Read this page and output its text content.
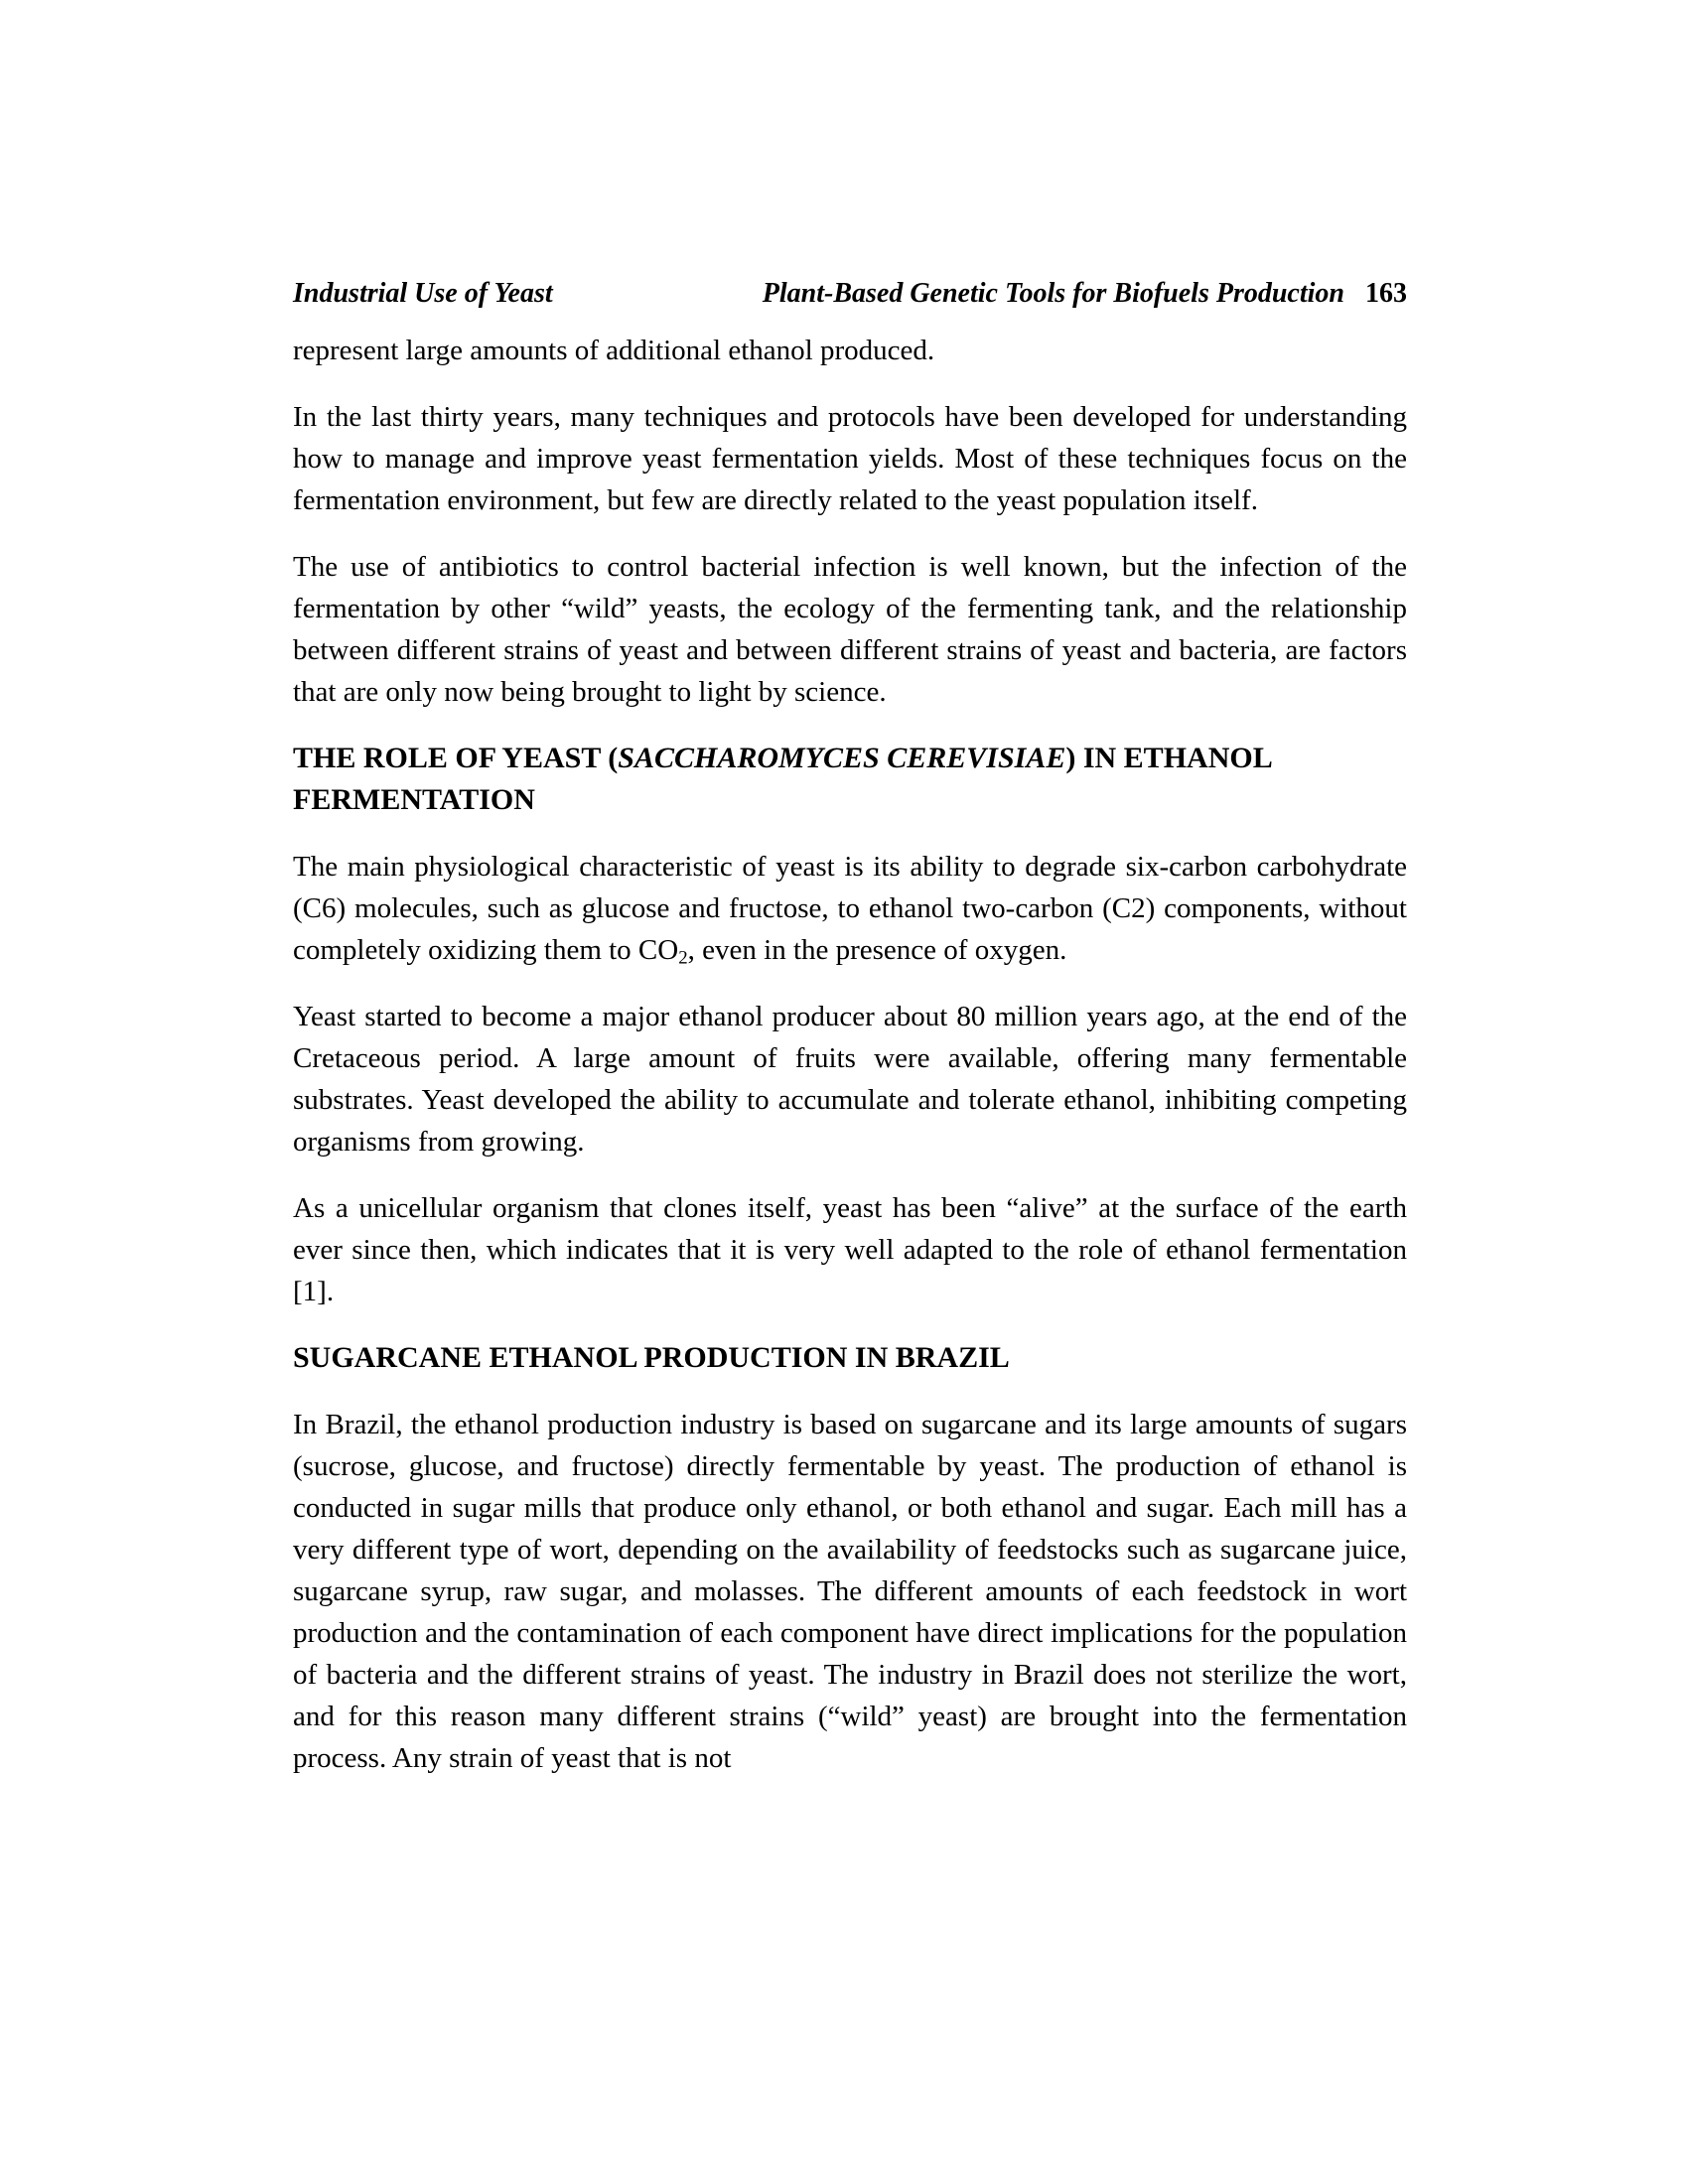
Industrial Use of Yeast	Plant-Based Genetic Tools for Biofuels Production 163

represent large amounts of additional ethanol produced.

In the last thirty years, many techniques and protocols have been developed for understanding how to manage and improve yeast fermentation yields. Most of these techniques focus on the fermentation environment, but few are directly related to the yeast population itself.

The use of antibiotics to control bacterial infection is well known, but the infection of the fermentation by other “wild” yeasts, the ecology of the fermenting tank, and the relationship between different strains of yeast and between different strains of yeast and bacteria, are factors that are only now being brought to light by science.

THE ROLE OF YEAST (SACCHAROMYCES CEREVISIAE) IN ETHANOL FERMENTATION

The main physiological characteristic of yeast is its ability to degrade six-carbon carbohydrate (C6) molecules, such as glucose and fructose, to ethanol two-carbon (C2) components, without completely oxidizing them to $CO_2$, even in the presence of oxygen.

Yeast started to become a major ethanol producer about 80 million years ago, at the end of the Cretaceous period. A large amount of fruits were available, offering many fermentable substrates. Yeast developed the ability to accumulate and tolerate ethanol, inhibiting competing organisms from growing.

As a unicellular organism that clones itself, yeast has been “alive” at the surface of the earth ever since then, which indicates that it is very well adapted to the role of ethanol fermentation [1].

SUGARCANE ETHANOL PRODUCTION IN BRAZIL

In Brazil, the ethanol production industry is based on sugarcane and its large amounts of sugars (sucrose, glucose, and fructose) directly fermentable by yeast. The production of ethanol is conducted in sugar mills that produce only ethanol, or both ethanol and sugar. Each mill has a very different type of wort, depending on the availability of feedstocks such as sugarcane juice, sugarcane syrup, raw sugar, and molasses. The different amounts of each feedstock in wort production and the contamination of each component have direct implications for the population of bacteria and the different strains of yeast. The industry in Brazil does not sterilize the wort, and for this reason many different strains (“wild” yeast) are brought into the fermentation process. Any strain of yeast that is not
